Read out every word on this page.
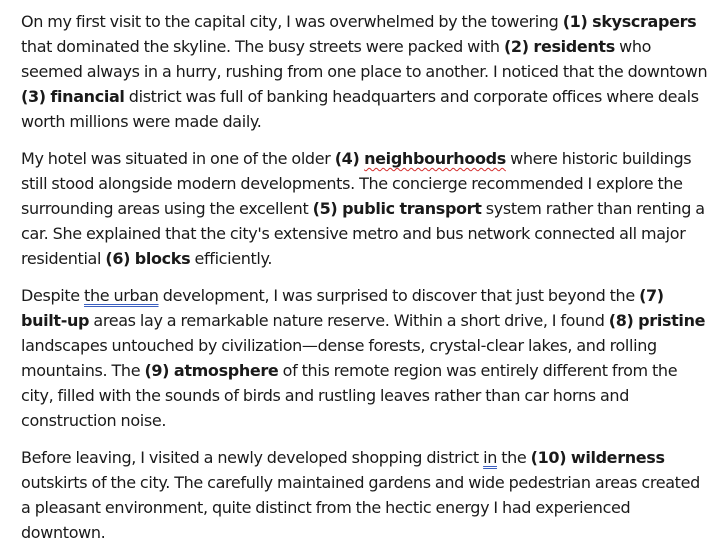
On my first visit to the capital city, I was overwhelmed by the towering (1) skyscrapers that dominated the skyline. The busy streets were packed with (2) residents who seemed always in a hurry, rushing from one place to another. I noticed that the downtown (3) financial district was full of banking headquarters and corporate offices where deals worth millions were made daily.

My hotel was situated in one of the older (4) neighbourhoods where historic buildings still stood alongside modern developments. The concierge recommended I explore the surrounding areas using the excellent (5) public transport system rather than renting a car. She explained that the city's extensive metro and bus network connected all major residential (6) blocks efficiently.

Despite the urban development, I was surprised to discover that just beyond the (7) built-up areas lay a remarkable nature reserve. Within a short drive, I found (8) pristine landscapes untouched by civilization—dense forests, crystal-clear lakes, and rolling mountains. The (9) atmosphere of this remote region was entirely different from the city, filled with the sounds of birds and rustling leaves rather than car horns and construction noise.

Before leaving, I visited a newly developed shopping district in the (10) wilderness outskirts of the city. The carefully maintained gardens and wide pedestrian areas created a pleasant environment, quite distinct from the hectic energy I had experienced downtown.
